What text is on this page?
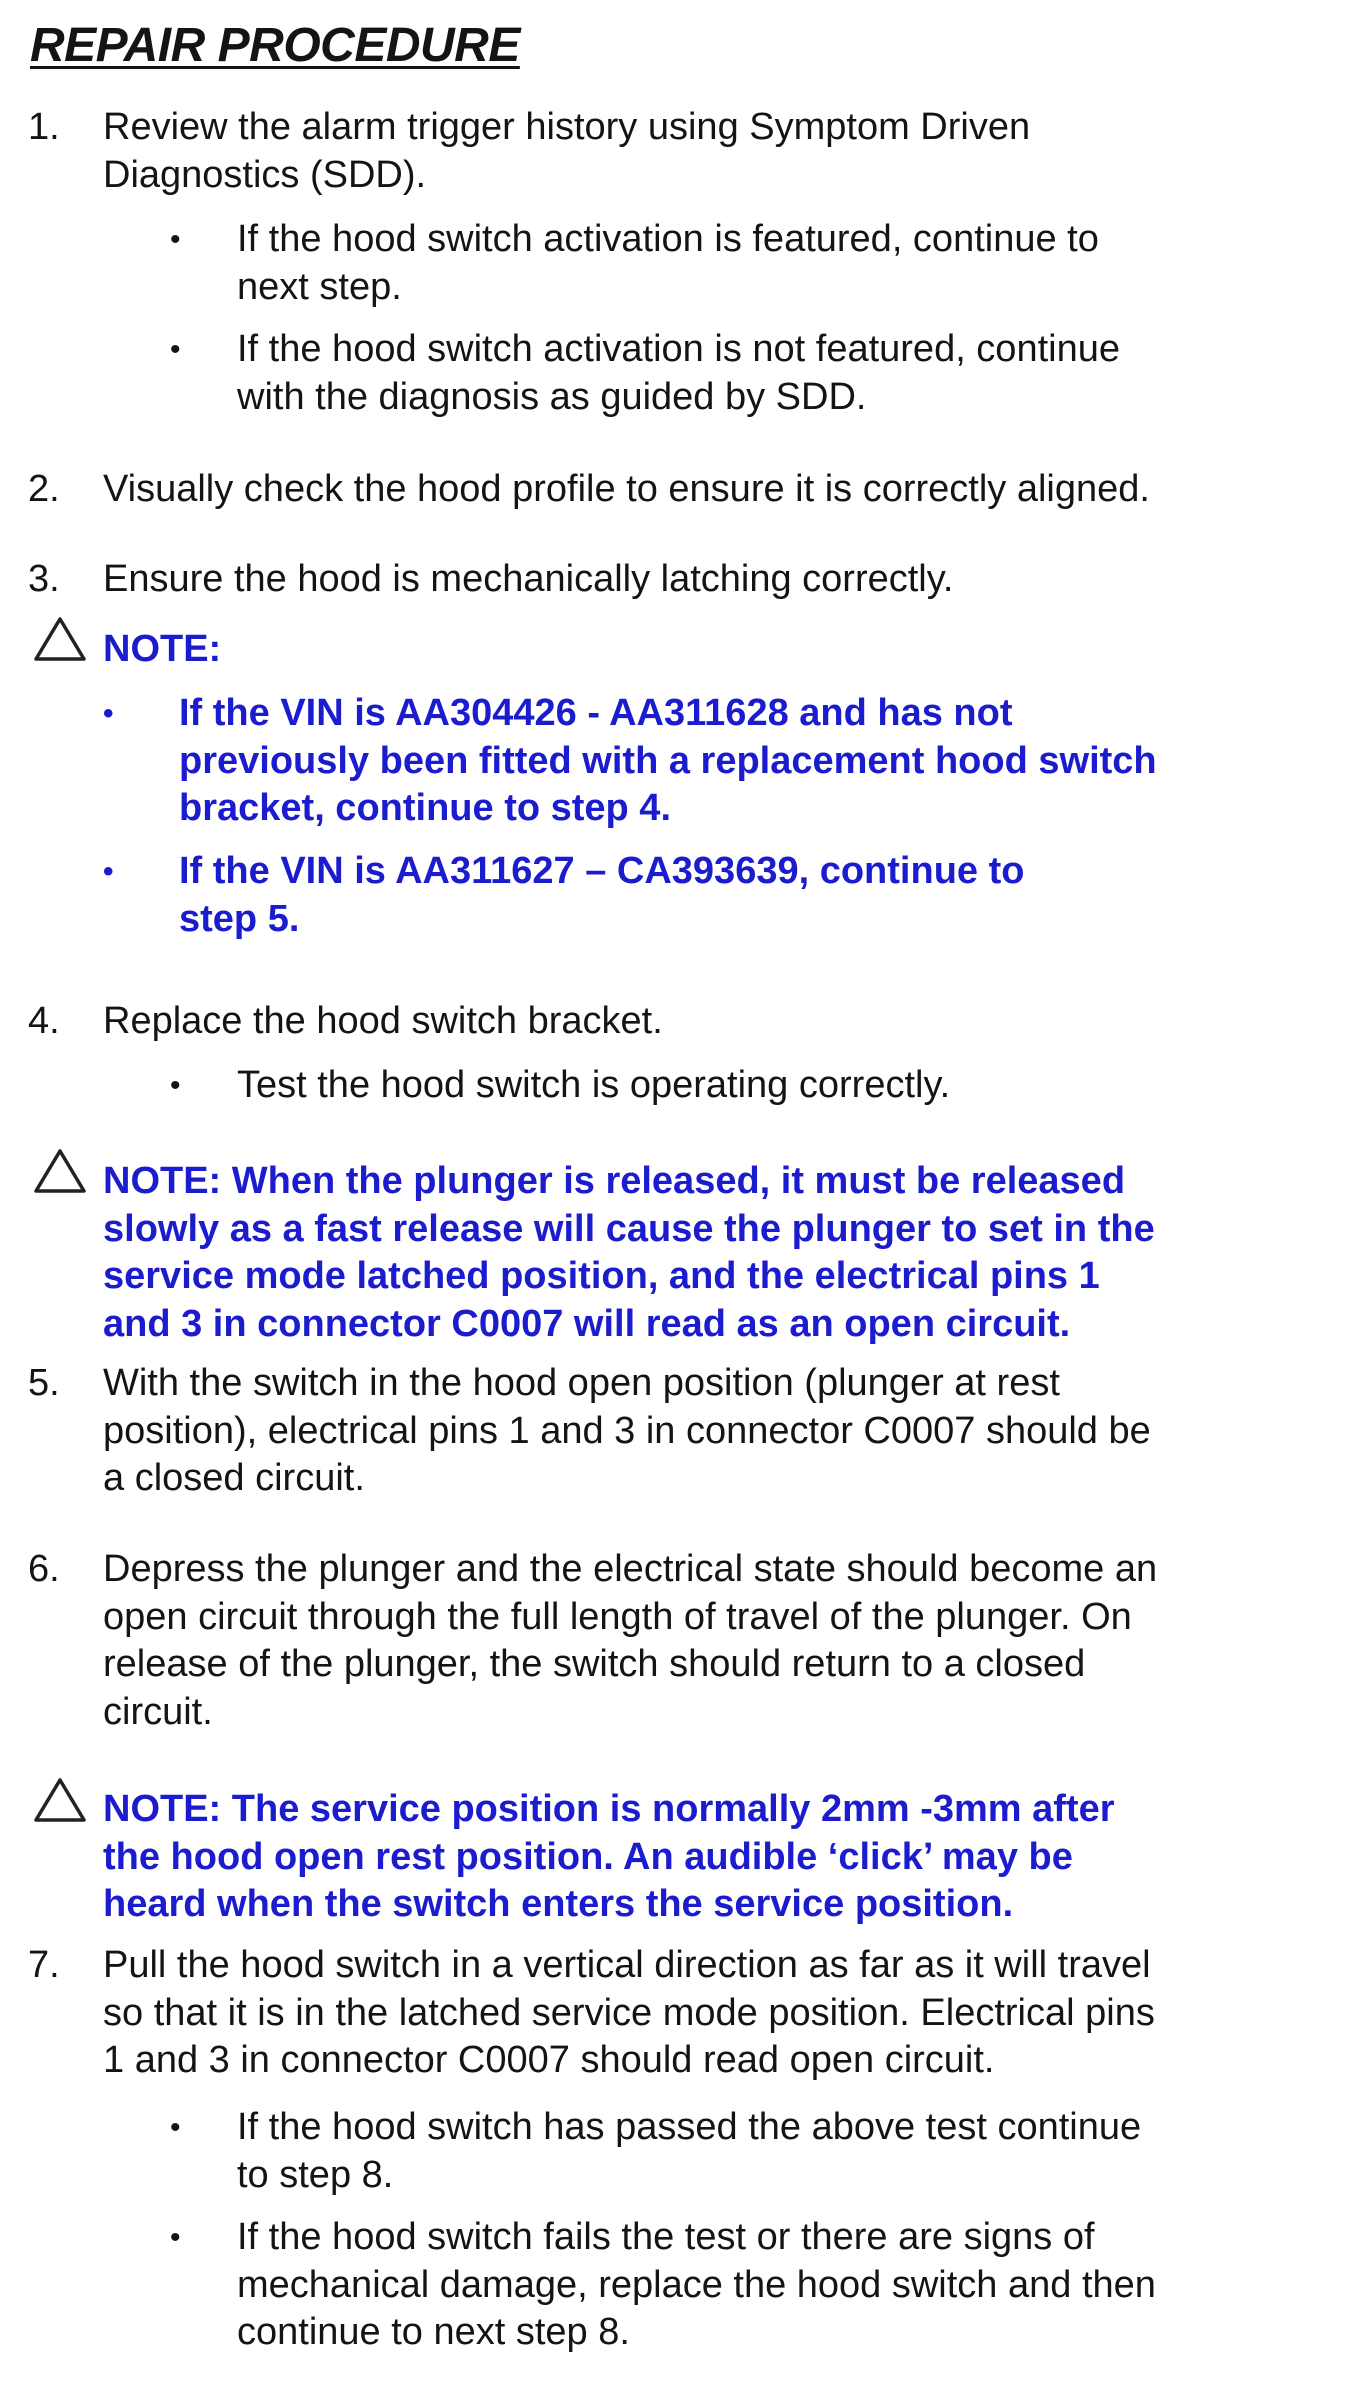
REPAIR PROCEDURE
1. Review the alarm trigger history using Symptom Driven
Diagnostics (SDD).
• If the hood switch activation is featured, continue to
next step.
• If the hood switch activation is not featured, continue
with the diagnosis as guided by SDD.
2. Visually check the hood profile to ensure it is correctly aligned.
3. Ensure the hood is mechanically latching correctly.
NOTE:
• If the VIN is AA304426 - AA311628 and has not
previously been fitted with a replacement hood switch
bracket, continue to step 4.
• If the VIN is AA311627 – CA393639, continue to
step 5.
4. Replace the hood switch bracket.
• Test the hood switch is operating correctly.
NOTE: When the plunger is released, it must be released
slowly as a fast release will cause the plunger to set in the
service mode latched position, and the electrical pins 1
and 3 in connector C0007 will read as an open circuit.
5. With the switch in the hood open position (plunger at rest
position), electrical pins 1 and 3 in connector C0007 should be
a closed circuit.
6. Depress the plunger and the electrical state should become an
open circuit through the full length of travel of the plunger. On
release of the plunger, the switch should return to a closed
circuit.
NOTE: The service position is normally 2mm -3mm after
the hood open rest position. An audible ‘click’ may be
heard when the switch enters the service position.
7. Pull the hood switch in a vertical direction as far as it will travel
so that it is in the latched service mode position. Electrical pins
1 and 3 in connector C0007 should read open circuit.
• If the hood switch has passed the above test continue
to step 8.
• If the hood switch fails the test or there are signs of
mechanical damage, replace the hood switch and then
continue to next step 8.
